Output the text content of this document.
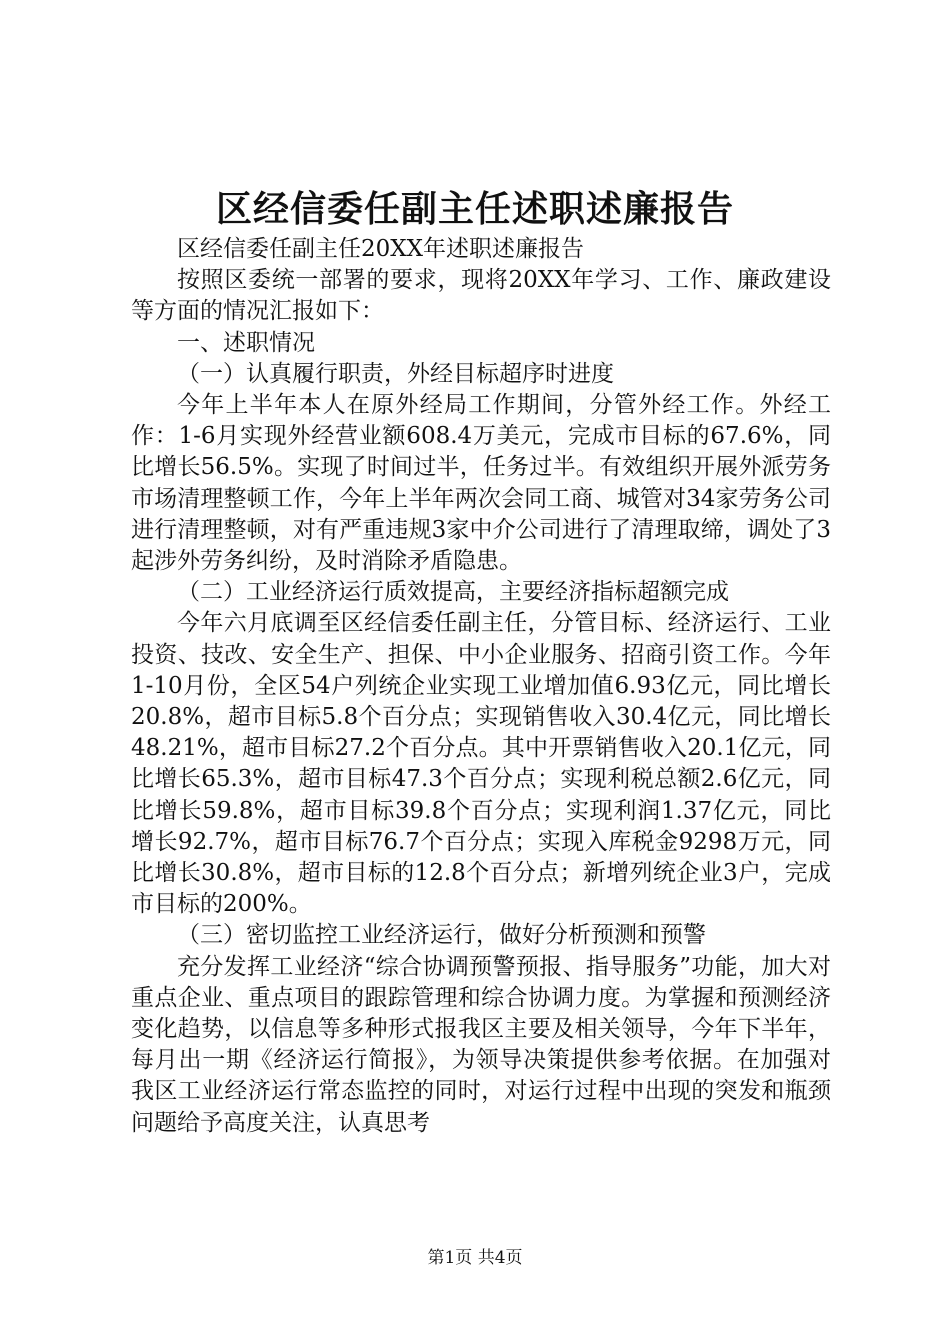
区经信委任副主任述职述廉报告

区经信委任副主任20XX年述职述廉报告

按照区委统一部署的要求，现将20XX年学习、工作、廉政建设等方面的情况汇报如下：

一、述职情况

（一）认真履行职责，外经目标超序时进度

今年上半年本人在原外经局工作期间，分管外经工作。外经工作：1-6月实现外经营业额608.4万美元，完成市目标的67.6%，同比增长56.5%。实现了时间过半，任务过半。有效组织开展外派劳务市场清理整顿工作，今年上半年两次会同工商、城管对34家劳务公司进行清理整顿，对有严重违规3家中介公司进行了清理取缔，调处了3起涉外劳务纠纷，及时消除矛盾隐患。

（二）工业经济运行质效提高，主要经济指标超额完成

今年六月底调至区经信委任副主任，分管目标、经济运行、工业投资、技改、安全生产、担保、中小企业服务、招商引资工作。今年1-10月份，全区54户列统企业实现工业增加值6.93亿元，同比增长20.8%，超市目标5.8个百分点；实现销售收入30.4亿元，同比增长48.21%，超市目标27.2个百分点。其中开票销售收入20.1亿元，同比增长65.3%，超市目标47.3个百分点；实现利税总额2.6亿元，同比增长59.8%，超市目标39.8个百分点；实现利润1.37亿元，同比增长92.7%，超市目标76.7个百分点；实现入库税金9298万元，同比增长30.8%，超市目标的12.8个百分点；新增列统企业3户，完成市目标的200%。

（三）密切监控工业经济运行，做好分析预测和预警

充分发挥工业经济“综合协调预警预报、指导服务”功能，加大对重点企业、重点项目的跟踪管理和综合协调力度。为掌握和预测经济变化趋势，以信息等多种形式报我区主要及相关领导，今年下半年，每月出一期《经济运行简报》，为领导决策提供参考依据。在加强对我区工业经济运行常态监控的同时，对运行过程中出现的突发和瓶颈问题给予高度关注，认真思考

第1页 共4页
